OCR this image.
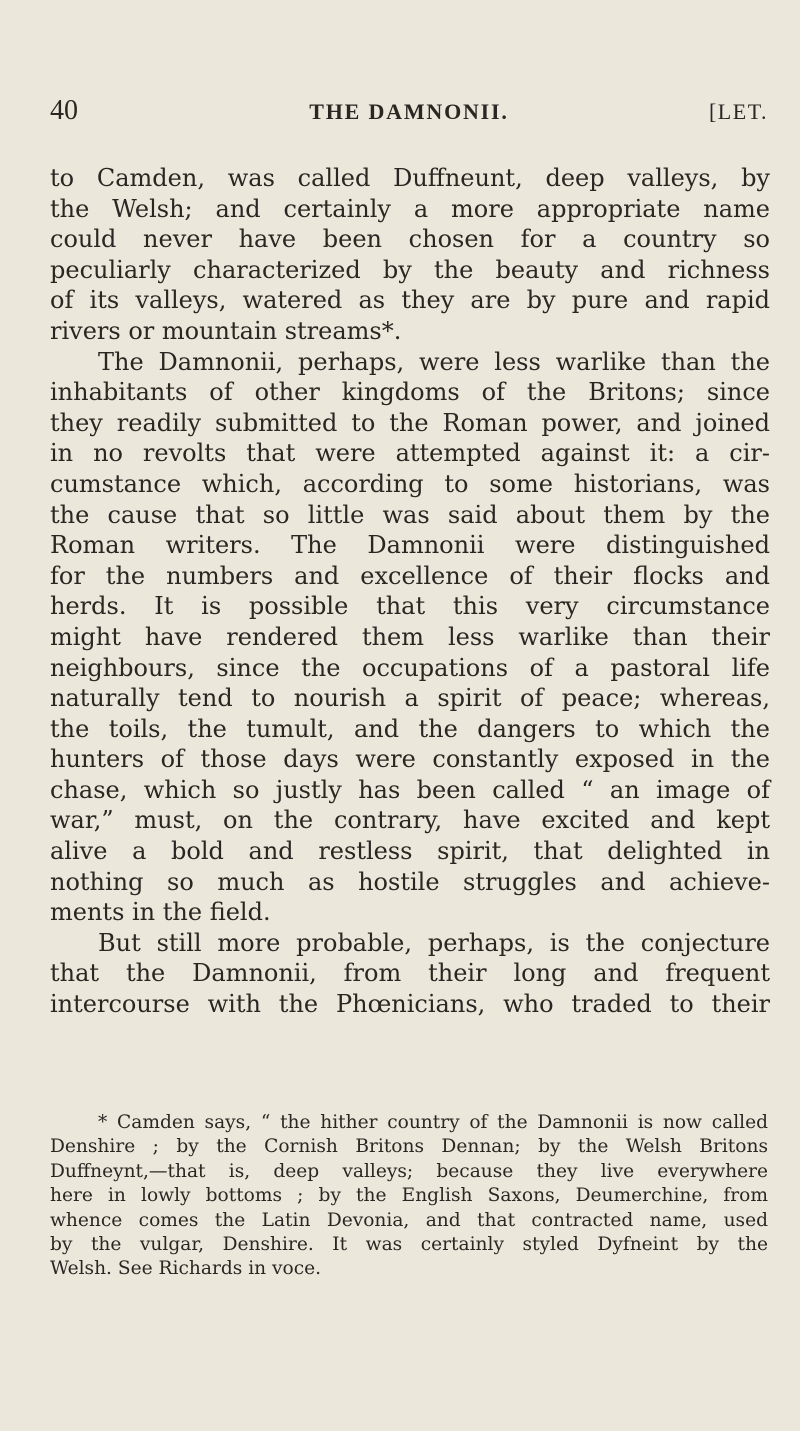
40	THE DAMNONII.	[LET.
to Camden, was called Duffneunt, deep valleys, by
the Welsh; and certainly a more appropriate name
could never have been chosen for a country so
peculiarly characterized by the beauty and richness
of its valleys, watered as they are by pure and rapid
rivers or mountain streams*.
The Damnonii, perhaps, were less warlike than the
inhabitants of other kingdoms of the Britons; since
they readily submitted to the Roman power, and joined
in no revolts that were attempted against it: a cir-
cumstance which, according to some historians, was
the cause that so little was said about them by the
Roman writers. The Damnonii were distinguished
for the numbers and excellence of their flocks and
herds. It is possible that this very circumstance
might have rendered them less warlike than their
neighbours, since the occupations of a pastoral life
naturally tend to nourish a spirit of peace; whereas,
the toils, the tumult, and the dangers to which the
hunters of those days were constantly exposed in the
chase, which so justly has been called “ an image of
war,” must, on the contrary, have excited and kept
alive a bold and restless spirit, that delighted in
nothing so much as hostile struggles and achieve-
ments in the field.
But still more probable, perhaps, is the conjecture
that the Damnonii, from their long and frequent
intercourse with the Phœnicians, who traded to their
* Camden says, “ the hither country of the Damnonii is now called
Denshire ; by the Cornish Britons Dennan; by the Welsh Britons
Duffneynt,—that is, deep valleys; because they live everywhere
here in lowly bottoms ; by the English Saxons, Deumerchine, from
whence comes the Latin Devonia, and that contracted name, used
by the vulgar, Denshire. It was certainly styled Dyfneint by the
Welsh. See Richards in voce.
